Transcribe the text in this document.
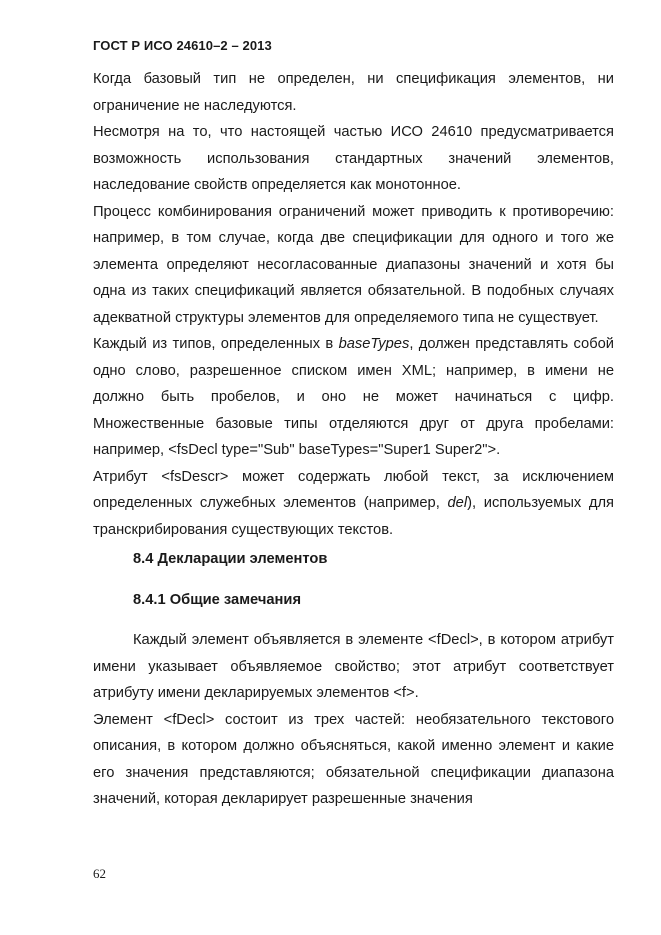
ГОСТ Р ИСО 24610–2 – 2013

Когда базовый тип не определен, ни спецификация элементов, ни ограничение не наследуются.

Несмотря на то, что настоящей частью ИСО 24610 предусматривается возможность использования стандартных значений элементов, наследование свойств определяется как монотонное.

Процесс комбинирования ограничений может приводить к противоречию: например, в том случае, когда две спецификации для одного и того же элемента определяют несогласованные диапазоны значений и хотя бы одна из таких спецификаций является обязательной. В подобных случаях адекватной структуры элементов для определяемого типа не существует.

Каждый из типов, определенных в baseTypes, должен представлять собой одно слово, разрешенное списком имен XML; например, в имени не должно быть пробелов, и оно не может начинаться с цифр. Множественные базовые типы отделяются друг от друга пробелами: например, <fsDecl type="Sub" baseTypes="Super1 Super2">.

Атрибут <fsDescr> может содержать любой текст, за исключением определенных служебных элементов (например, del), используемых для транскрибирования существующих текстов.

8.4 Декларации элементов

8.4.1 Общие замечания

Каждый элемент объявляется в элементе <fDecl>, в котором атрибут имени указывает объявляемое свойство; этот атрибут соответствует атрибуту имени декларируемых элементов <f>.

Элемент <fDecl> состоит из трех частей: необязательного текстового описания, в котором должно объясняться, какой именно элемент и какие его значения представляются; обязательной спецификации диапазона значений, которая декларирует разрешенные значения

62
